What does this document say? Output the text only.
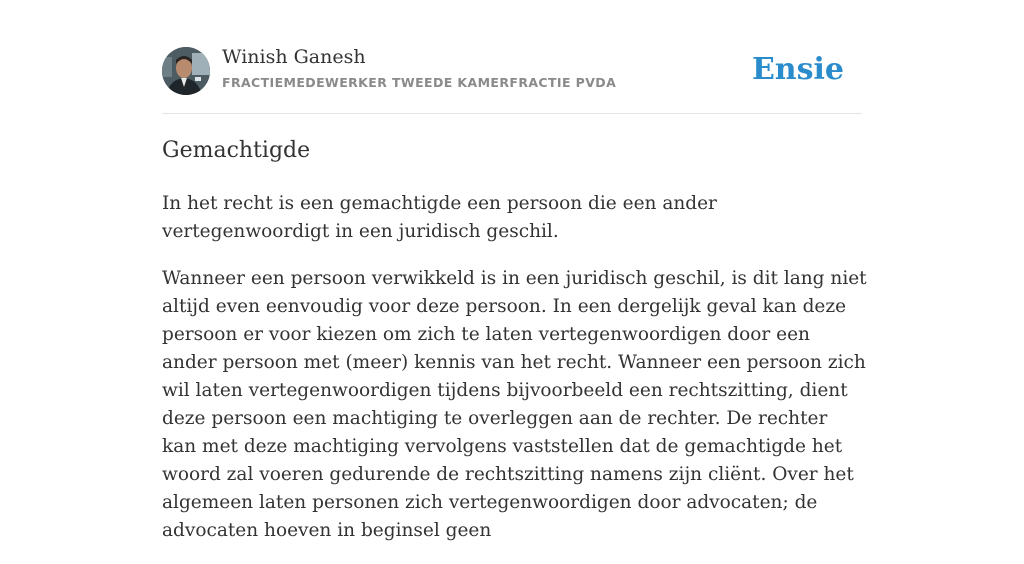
Winish Ganesh
FRACTIEMEDEWERKER TWEEDE KAMERFRACTIE PVDA	Ensie
Gemachtigde

In het recht is een gemachtigde een persoon die een ander vertegenwoordigt in een juridisch geschil.

Wanneer een persoon verwikkeld is in een juridisch geschil, is dit lang niet altijd even eenvoudig voor deze persoon. In een dergelijk geval kan deze persoon er voor kiezen om zich te laten vertegenwoordigen door een ander persoon met (meer) kennis van het recht. Wanneer een persoon zich wil laten vertegenwoordigen tijdens bijvoorbeeld een rechtszitting, dient deze persoon een machtiging te overleggen aan de rechter. De rechter kan met deze machtiging vervolgens vaststellen dat de gemachtigde het woord zal voeren gedurende de rechtszitting namens zijn cliënt. Over het algemeen laten personen zich vertegenwoordigen door advocaten; de advocaten hoeven in beginsel geen
